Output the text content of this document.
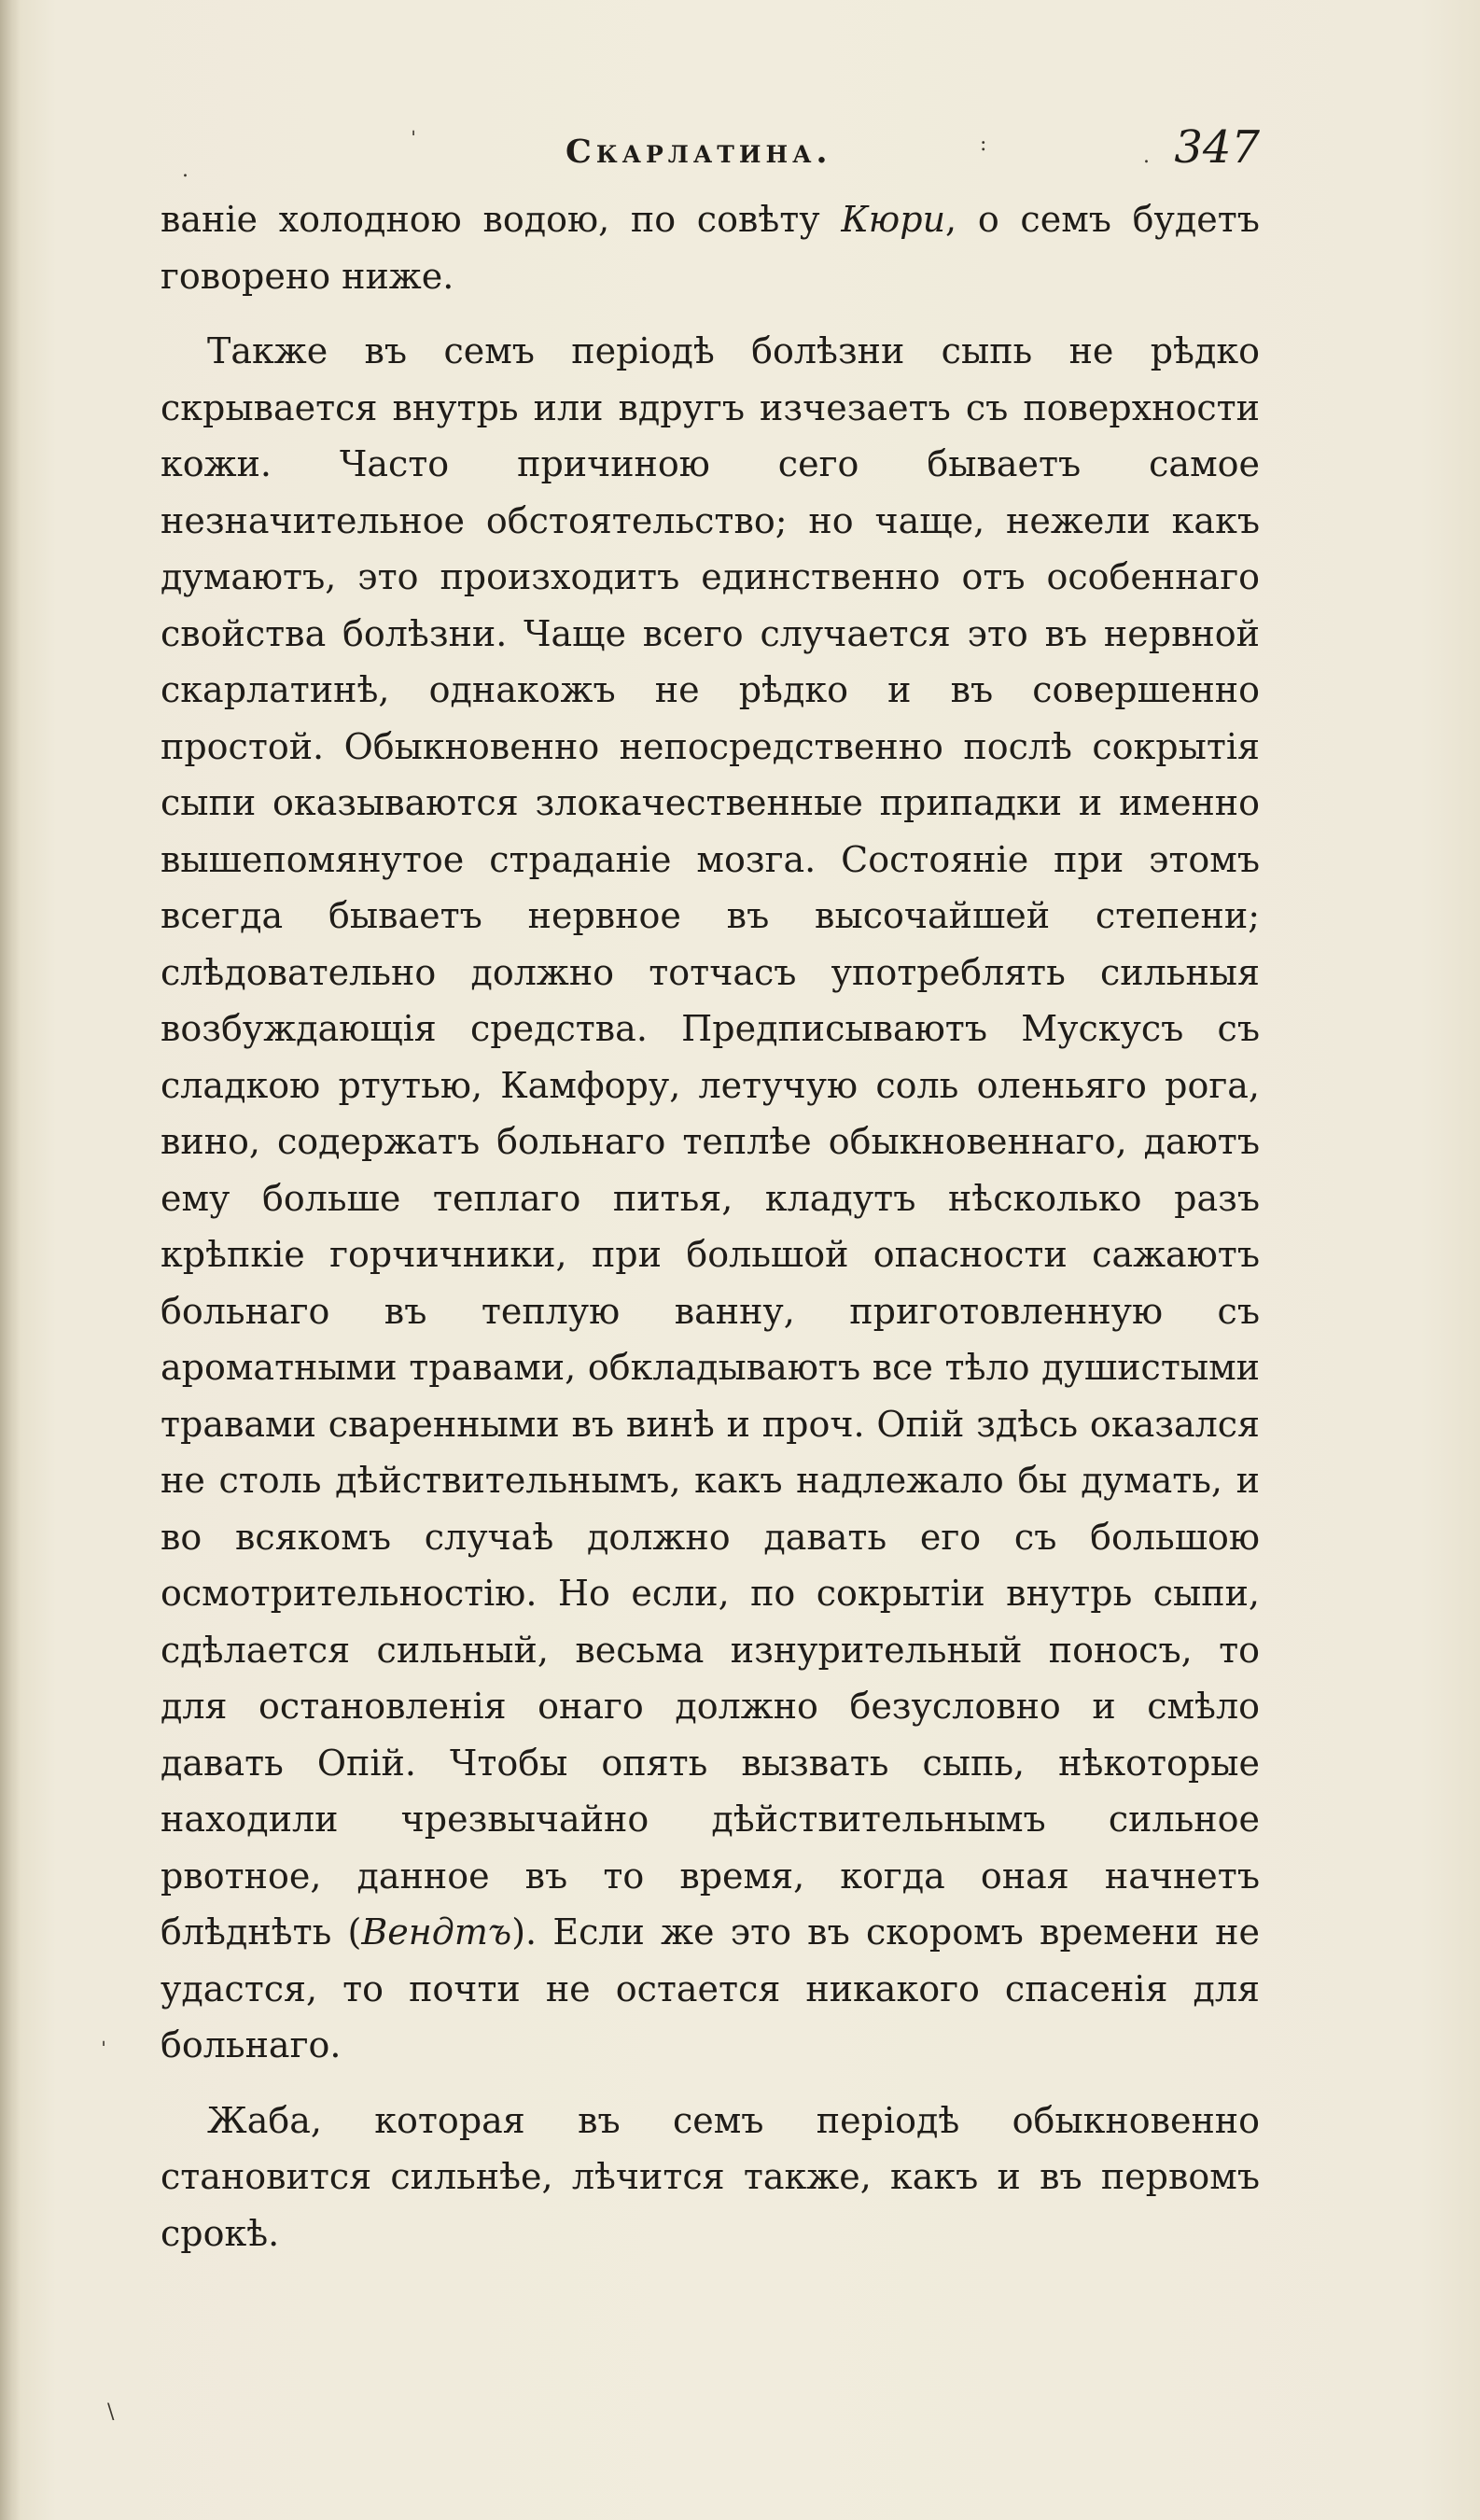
ˈ
.
:
.
ˈ
\
Скарлатина.	347

ваніе холодною водою, по совѣту Кюри, о семъ будетъ говорено ниже.

Также въ семъ періодѣ болѣзни сыпь не рѣдко скрывается внутрь или вдругъ изчезаетъ съ поверхности кожи. Часто причиною сего бываетъ самое незначительное обстоятельство; но чаще, нежели какъ думаютъ, это произходитъ единственно отъ особеннаго свойства болѣзни. Чаще всего случается это въ нервной скарлатинѣ, однакожъ не рѣдко и въ совершенно простой. Обыкновенно непосредственно послѣ сокрытія сыпи оказываются злокачественные припадки и именно вышепомянутое страданіе мозга. Состояніе при этомъ всегда бываетъ нервное въ высочайшей степени; слѣдовательно должно тотчасъ употреблять сильныя возбуждающія средства. Предписываютъ Мускусъ съ сладкою ртутью, Камфору, летучую соль оленьяго рога, вино, содержатъ больнаго теплѣе обыкновеннаго, даютъ ему больше теплаго питья, кладутъ нѣсколько разъ крѣпкіе горчичники, при большой опасности сажаютъ больнаго въ теплую ванну, приготовленную съ ароматными травами, обкладываютъ все тѣло душистыми травами сваренными въ винѣ и проч. Опій здѣсь оказался не столь дѣйствительнымъ, какъ надлежало бы думать, и во всякомъ случаѣ должно давать его съ большою осмотрительностію. Но если, по сокрытіи внутрь сыпи, сдѣлается сильный, весьма изнурительный поносъ, то для остановленія онаго должно безусловно и смѣло давать Опій. Чтобы опять вызвать сыпь, нѣкоторые находили чрезвычайно дѣйствительнымъ сильное рвотное, данное въ то время, когда оная начнетъ блѣднѣть (Вендтъ). Если же это въ скоромъ времени не удастся, то почти не остается никакого спасенія для больнаго.

Жаба, которая въ семъ періодѣ обыкновенно становится сильнѣе, лѣчится также, какъ и въ первомъ срокѣ.
